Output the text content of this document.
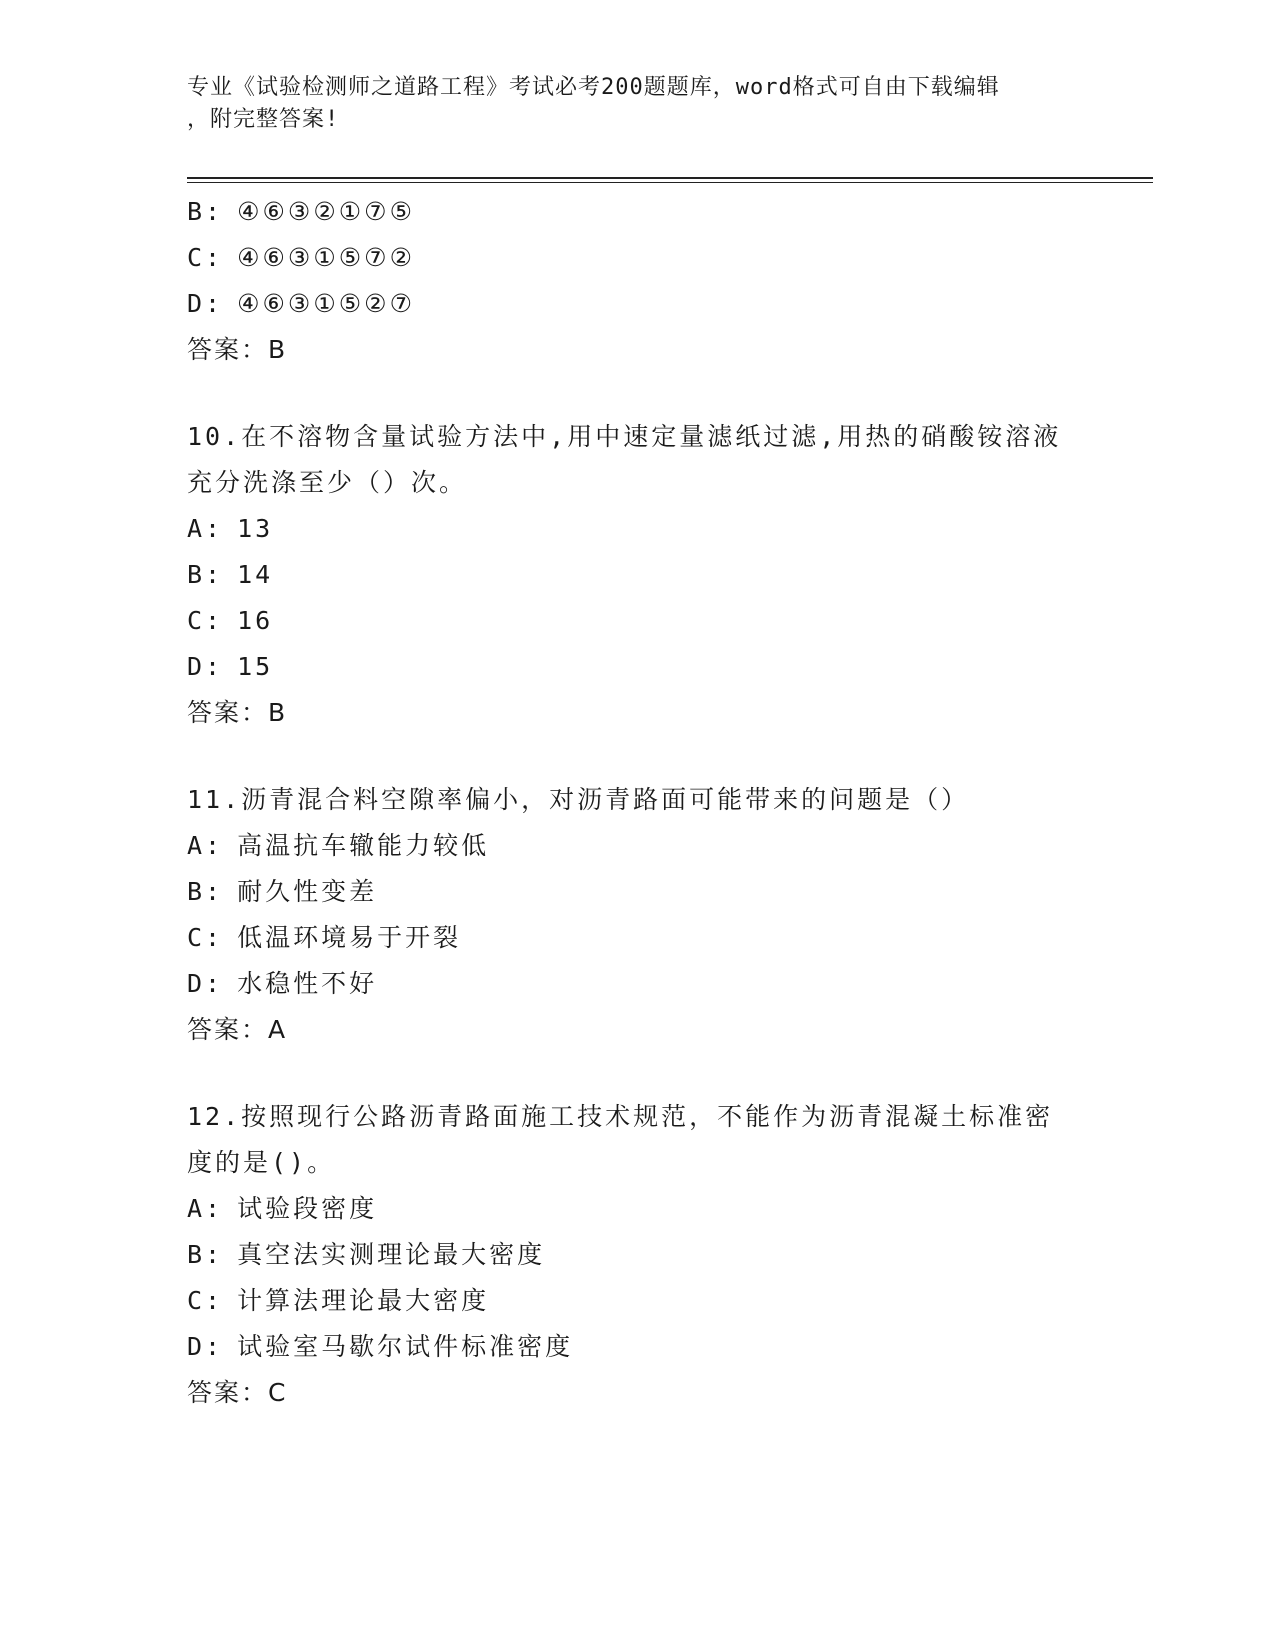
专业《试验检测师之道路工程》考试必考200题题库，word格式可自由下载编辑
，附完整答案!
B: ④⑥③②①⑦⑤
C: ④⑥③①⑤⑦②
D: ④⑥③①⑤②⑦
答案：B
10.在不溶物含量试验方法中,用中速定量滤纸过滤,用热的硝酸铵溶液
充分洗涤至少（）次。
A: 13
B: 14
C: 16
D: 15
答案：B
11.沥青混合料空隙率偏小，对沥青路面可能带来的问题是（）
A: 高温抗车辙能力较低
B: 耐久性变差
C: 低温环境易于开裂
D: 水稳性不好
答案：A
12.按照现行公路沥青路面施工技术规范，不能作为沥青混凝土标准密
度的是()。
A: 试验段密度
B: 真空法实测理论最大密度
C: 计算法理论最大密度
D: 试验室马歇尔试件标准密度
答案：C
